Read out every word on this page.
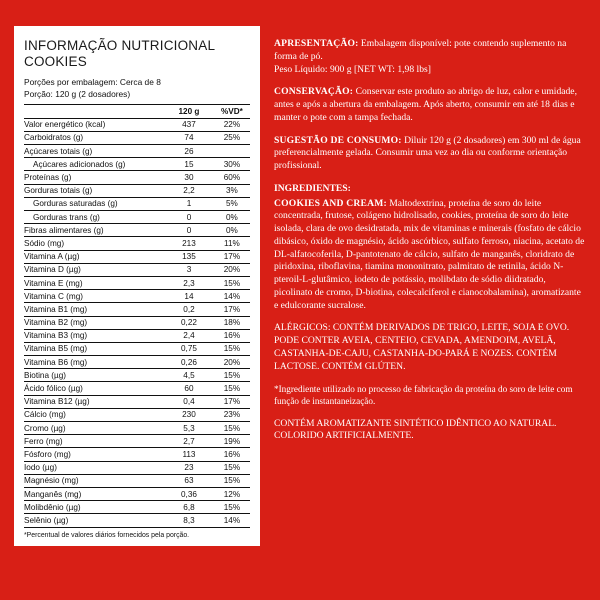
INFORMAÇÃO NUTRICIONAL
COOKIES
Porções por embalagem: Cerca de 8
Porção: 120 g (2 dosadores)
	120 g	%VD*
Valor energético (kcal)	437	22%
Carboidratos (g)	74	25%
Açúcares totais (g)	26	
Açúcares adicionados (g)	15	30%
Proteínas (g)	30	60%
Gorduras totais (g)	2,2	3%
Gorduras saturadas (g)	1	5%
Gorduras trans (g)	0	0%
Fibras alimentares (g)	0	0%
Sódio (mg)	213	11%
Vitamina A (µg)	135	17%
Vitamina D (µg)	3	20%
Vitamina E (mg)	2,3	15%
Vitamina C (mg)	14	14%
Vitamina B1 (mg)	0,2	17%
Vitamina B2 (mg)	0,22	18%
Vitamina B3 (mg)	2,4	16%
Vitamina B5 (mg)	0,75	15%
Vitamina B6 (mg)	0,26	20%
Biotina (µg)	4,5	15%
Ácido fólico (µg)	60	15%
Vitamina B12 (µg)	0,4	17%
Cálcio (mg)	230	23%
Cromo (µg)	5,3	15%
Ferro (mg)	2,7	19%
Fósforo (mg)	113	16%
Iodo (µg)	23	15%
Magnésio (mg)	63	15%
Manganês (mg)	0,36	12%
Molibdênio (µg)	6,8	15%
Selênio (µg)	8,3	14%
*Percentual de valores diários fornecidos pela porção.

APRESENTAÇÃO: Embalagem disponível: pote contendo suplemento na forma de pó.
Peso Líquido: 900 g [NET WT: 1,98 lbs]

CONSERVAÇÃO: Conservar este produto ao abrigo de luz, calor e umidade, antes e após a abertura da embalagem. Após aberto, consumir em até 18 dias e manter o pote com a tampa fechada.

SUGESTÃO DE CONSUMO: Diluir 120 g (2 dosadores) em 300 ml de água preferencialmente gelada. Consumir uma vez ao dia ou conforme orientação profissional.

INGREDIENTES:

COOKIES AND CREAM: Maltodextrina, proteína de soro do leite concentrada, frutose, colágeno hidrolisado, cookies, proteína de soro do leite isolada, clara de ovo desidratada, mix de vitaminas e minerais (fosfato de cálcio dibásico, óxido de magnésio, ácido ascórbico, sulfato ferroso, niacina, acetato de DL-alfatocoferila, D-pantotenato de cálcio, sulfato de manganês, cloridrato de piridoxina, riboflavina, tiamina mononitrato, palmitato de retinila, ácido N-pteroil-L-glutâmico, iodeto de potássio, molibdato de sódio diidratado, picolinato de cromo, D-biotina, colecalciferol e cianocobalamina), aromatizante e edulcorante sucralose.

ALÉRGICOS: CONTÉM DERIVADOS DE TRIGO, LEITE, SOJA E OVO. PODE CONTER AVEIA, CENTEIO, CEVADA, AMENDOIM, AVELÃ, CASTANHA-DE-CAJU, CASTANHA-DO-PARÁ E NOZES. CONTÉM LACTOSE. CONTÉM GLÚTEN.

*Ingrediente utilizado no processo de fabricação da proteína do soro de leite com função de instantaneização.

CONTÉM AROMATIZANTE SINTÉTICO IDÊNTICO AO NATURAL. COLORIDO ARTIFICIALMENTE.
